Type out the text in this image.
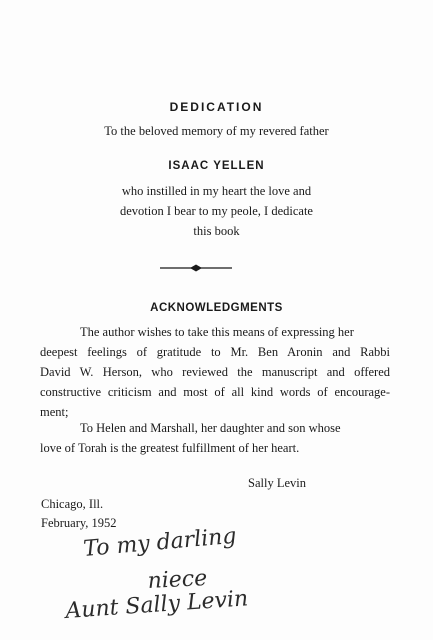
DEDICATION
To the beloved memory of my revered father
ISAAC YELLEN
who instilled in my heart the love and
devotion I bear to my peole, I dedicate
this book
ACKNOWLEDGMENTS
The author wishes to take this means of expressing her
deepest feelings of gratitude to Mr. Ben Aronin and Rabbi
David W. Herson, who reviewed the manuscript and offered
constructive criticism and most of all kind words of encourage-
ment;
To Helen and Marshall, her daughter and son whose
love of Torah is the greatest fulfillment of her heart.
Sally Levin
Chicago, Ill.
February, 1952
To my darling
niece
Aunt Sally Levin
